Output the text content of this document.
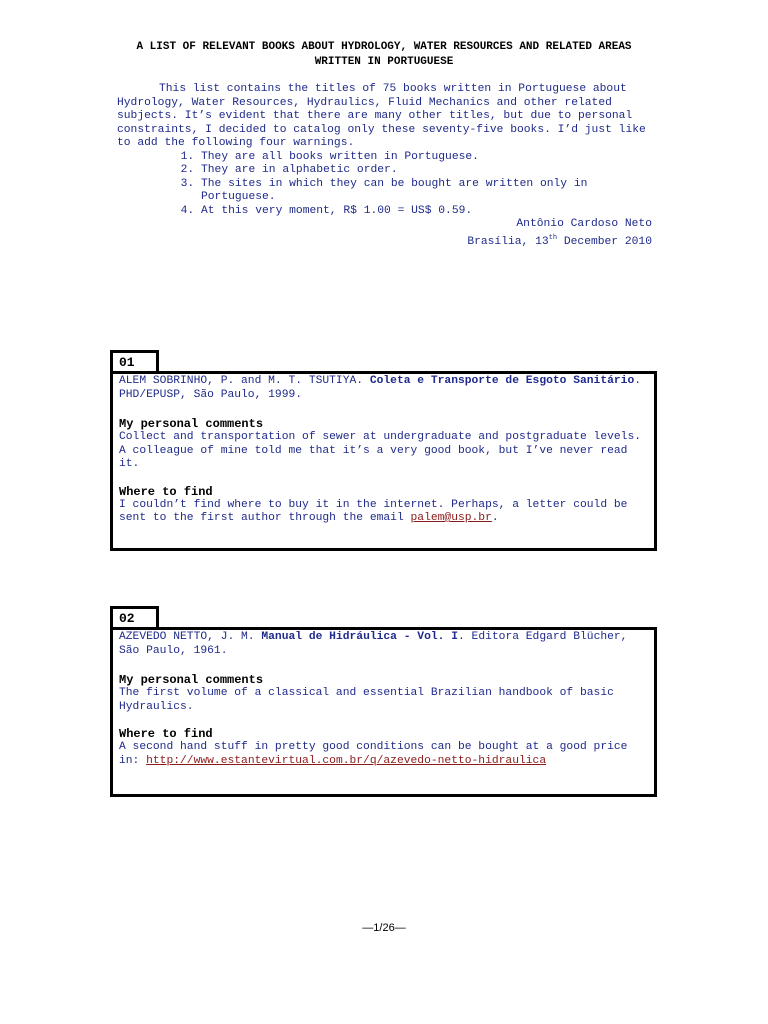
A LIST OF RELEVANT BOOKS ABOUT HYDROLOGY, WATER RESOURCES AND RELATED AREAS
WRITTEN IN PORTUGUESE

This list contains the titles of 75 books written in Portuguese about Hydrology, Water Resources, Hydraulics, Fluid Mechanics and other related subjects. It’s evident that there are many other titles, but due to personal constraints, I decided to catalog only these seventy-five books. I’d just like to add the following four warnings.

1. They are all books written in Portuguese.
2. They are in alphabetic order.
3. The sites in which they can be bought are written only in Portuguese.
4. At this very moment, R$ 1.00 = US$ 0.59.
Antônio Cardoso Neto
Brasília, 13th December 2010
01
ALEM SOBRINHO, P. and M. T. TSUTIYA. Coleta e Transporte de Esgoto Sanitário. PHD/EPUSP, São Paulo, 1999.
My personal comments

Collect and transportation of sewer at undergraduate and postgraduate levels. A colleague of mine told me that it’s a very good book, but I’ve never read it.

Where to find

I couldn’t find where to buy it in the internet. Perhaps, a letter could be sent to the first author through the email palem@usp.br.

02
AZEVEDO NETTO, J. M. Manual de Hidráulica - Vol. I. Editora Edgard Blücher, São Paulo, 1961.
My personal comments

The first volume of a classical and essential Brazilian handbook of basic Hydraulics.

Where to find

A second hand stuff in pretty good conditions can be bought at a good price in: http://www.estantevirtual.com.br/q/azevedo-netto-hidraulica

—1/26—
